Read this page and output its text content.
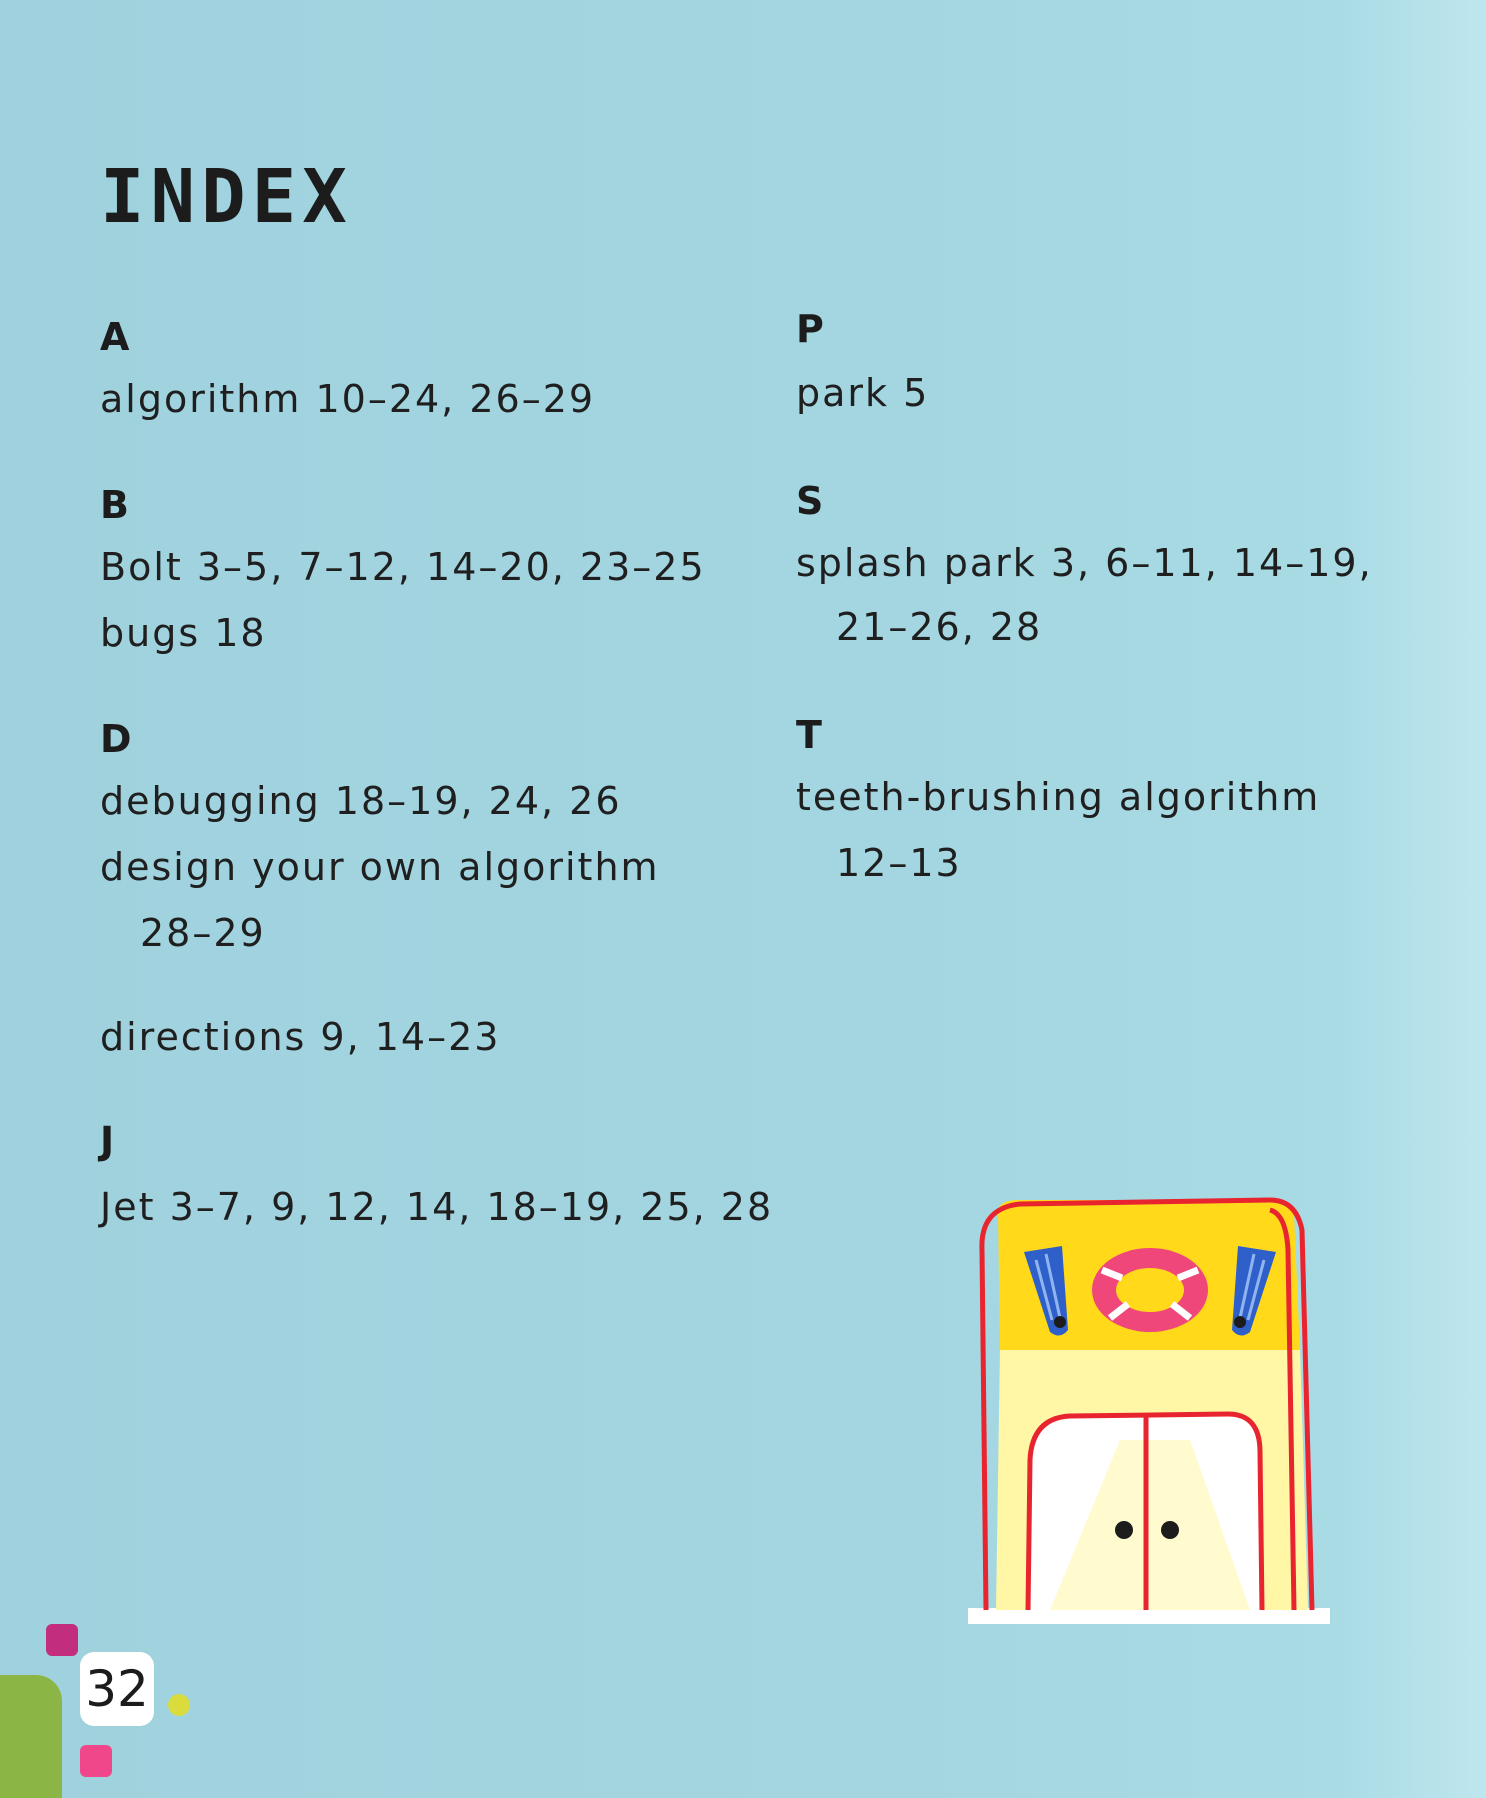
INDEX
A
algorithm 10–24, 26–29
B
Bolt 3–5, 7–12, 14–20, 23–25
bugs 18
D
debugging 18–19, 24, 26
design your own algorithm
28–29
directions 9, 14–23
J
Jet 3–7, 9, 12, 14, 18–19, 25, 28
P
park 5
S
splash park 3, 6–11, 14–19,
21–26, 28
T
teeth-brushing algorithm
12–13
32
